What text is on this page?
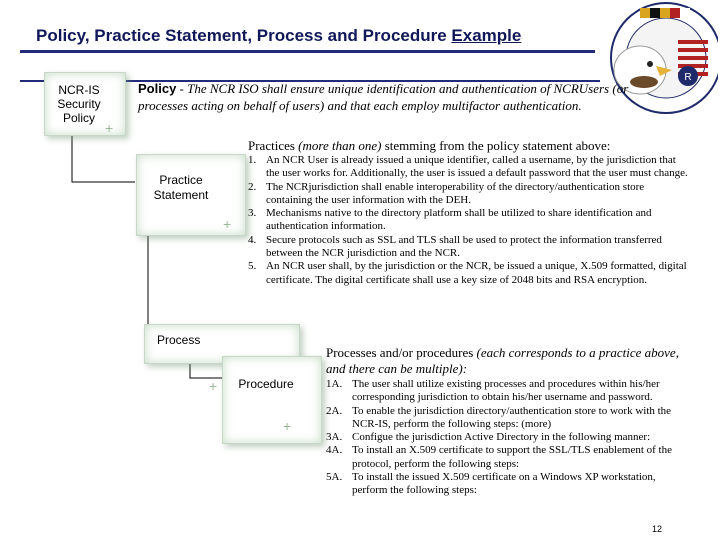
Policy, Practice Statement, Process and Procedure Example
R
NCR-IS Security Policy
+
Policy - The NCR ISO shall ensure unique identification and authentication of NCRUsers (or processes acting on behalf of users) and that each employ multifactor authentication.
Practices (more than one) stemming from the policy statement above:
Practice Statement
+
1. An NCR User is already issued a unique identifier, called a username, by the jurisdiction that the user works for. Additionally, the user is issued a default password that the user must change.
2. The NCRjurisdiction shall enable interoperability of the directory/authentication store containing the user information with the DEH.
3. Mechanisms native to the directory platform shall be utilized to share identification and authentication information.
4. Secure protocols such as SSL and TLS shall be used to protect the information transferred between the NCR jurisdiction and the NCR.
5. An NCR user shall, by the jurisdiction or the NCR, be issued a unique, X.509 formatted, digital certificate. The digital certificate shall use a key size of 2048 bits and RSA encryption.
Process
Procedure
+
+
Processes and/or procedures (each corresponds to a practice above, and there can be multiple):
1A. The user shall utilize existing processes and procedures within his/her corresponding jurisdiction to obtain his/her username and password.
2A. To enable the jurisdiction directory/authentication store to work with the NCR-IS, perform the following steps: (more)
3A. Configue the jurisdiction Active Directory in the following manner:
4A. To install an X.509 certificate to support the SSL/TLS enablement of the protocol, perform the following steps:
5A. To install the issued X.509 certificate on a Windows XP workstation, perform the following steps:
12
